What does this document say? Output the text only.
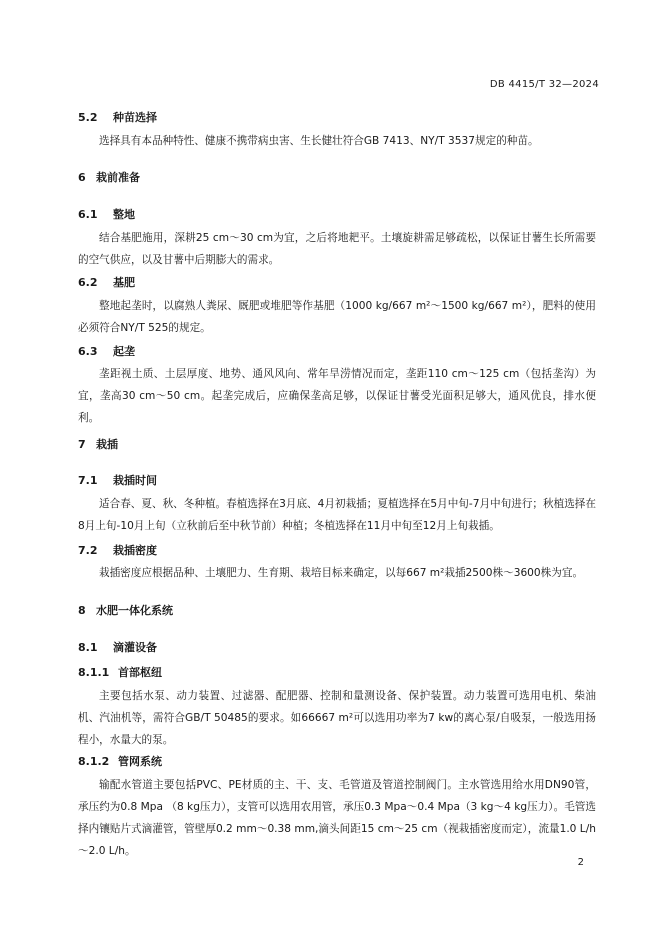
DB 4415/T 32—2024
5.2 种苗选择
选择具有本品种特性、健康不携带病虫害、生长健壮符合GB 7413、NY/T 3537规定的种苗。
6 栽前准备
6.1 整地
结合基肥施用，深耕25 cm～30 cm为宜，之后将地耙平。土壤旋耕需足够疏松，以保证甘薯生长所需要的空气供应，以及甘薯中后期膨大的需求。
6.2 基肥
整地起垄时，以腐熟人粪尿、厩肥或堆肥等作基肥（1000 kg/667 m²～1500 kg/667 m²），肥料的使用必须符合NY/T 525的规定。
6.3 起垄
垄距视土质、土层厚度、地势、通风风向、常年旱涝情况而定，垄距110 cm～125 cm（包括垄沟）为宜，垄高30 cm～50 cm。起垄完成后，应确保垄高足够，以保证甘薯受光面积足够大，通风优良，排水便利。
7 栽插
7.1 栽插时间
适合春、夏、秋、冬种植。春植选择在3月底、4月初栽插；夏植选择在5月中旬-7月中旬进行；秋植选择在8月上旬-10月上旬（立秋前后至中秋节前）种植；冬植选择在11月中旬至12月上旬栽插。
7.2 栽插密度
栽插密度应根据品种、土壤肥力、生育期、栽培目标来确定，以每667 m²栽插2500株～3600株为宜。
8 水肥一体化系统
8.1 滴灌设备
8.1.1 首部枢纽
主要包括水泵、动力装置、过滤器、配肥器、控制和量测设备、保护装置。动力装置可选用电机、柴油机、汽油机等，需符合GB/T 50485的要求。如66667 m²可以选用功率为7 kw的离心泵/自吸泵，一般选用扬程小，水量大的泵。
8.1.2 管网系统
输配水管道主要包括PVC、PE材质的主、干、支、毛管道及管道控制阀门。主水管选用给水用DN90管，承压约为0.8 Mpa （8 kg压力），支管可以选用农用管，承压0.3 Mpa～0.4 Mpa（3 kg～4 kg压力）。毛管选择内镶贴片式滴灌管，管壁厚0.2 mm～0.38 mm,滴头间距15 cm～25 cm（视栽插密度而定），流量1.0 L/h～2.0 L/h。
2
